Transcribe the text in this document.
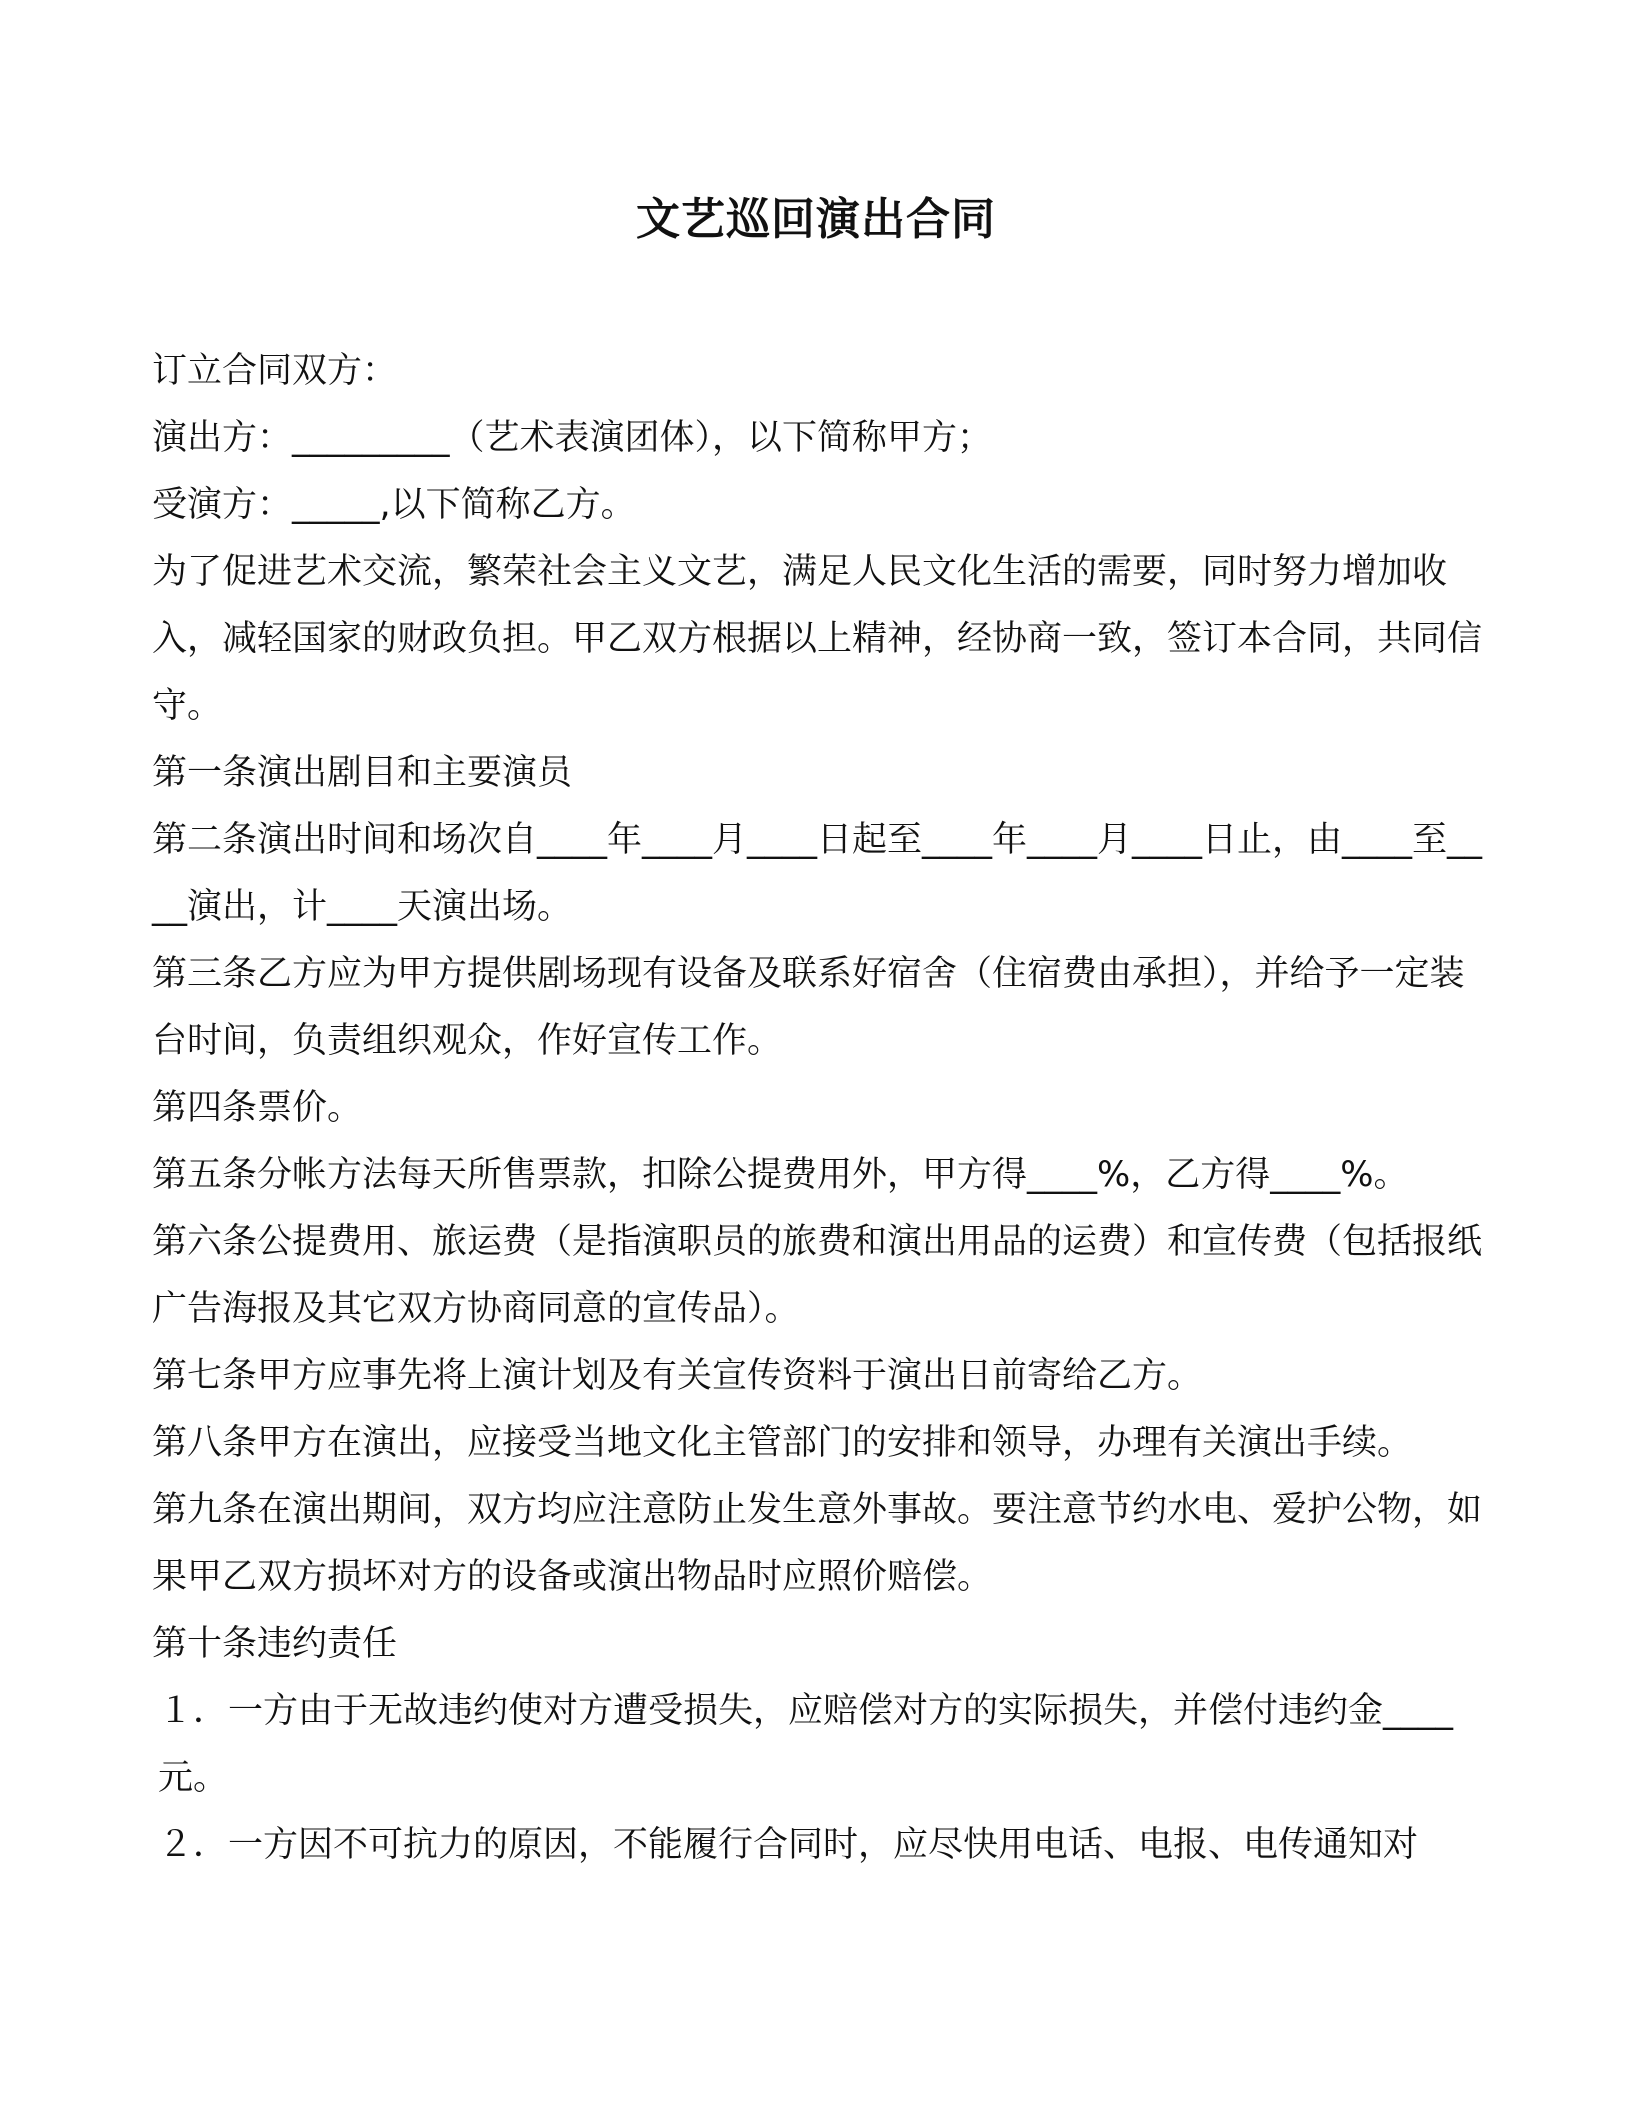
文艺巡回演出合同

订立合同双方：

演出方：_________（艺术表演团体），以下简称甲方；

受演方：_____,以下简称乙方。

为了促进艺术交流，繁荣社会主义文艺，满足人民文化生活的需要，同时努力增加收入，减轻国家的财政负担。甲乙双方根据以上精神，经协商一致，签订本合同，共同信守。

第一条演出剧目和主要演员

第二条演出时间和场次自____年____月____日起至____年____月____日止，由____至____演出，计____天演出场。

第三条乙方应为甲方提供剧场现有设备及联系好宿舍（住宿费由承担），并给予一定装台时间，负责组织观众，作好宣传工作。

第四条票价。

第五条分帐方法每天所售票款，扣除公提费用外，甲方得____%，乙方得____%。

第六条公提费用、旅运费（是指演职员的旅费和演出用品的运费）和宣传费（包括报纸广告海报及其它双方协商同意的宣传品）。

第七条甲方应事先将上演计划及有关宣传资料于演出日前寄给乙方。

第八条甲方在演出，应接受当地文化主管部门的安排和领导，办理有关演出手续。

第九条在演出期间，双方均应注意防止发生意外事故。要注意节约水电、爱护公物，如果甲乙双方损坏对方的设备或演出物品时应照价赔偿。

第十条违约责任

１．一方由于无故违约使对方遭受损失，应赔偿对方的实际损失，并偿付违约金____元。

２．一方因不可抗力的原因，不能履行合同时，应尽快用电话、电报、电传通知对
